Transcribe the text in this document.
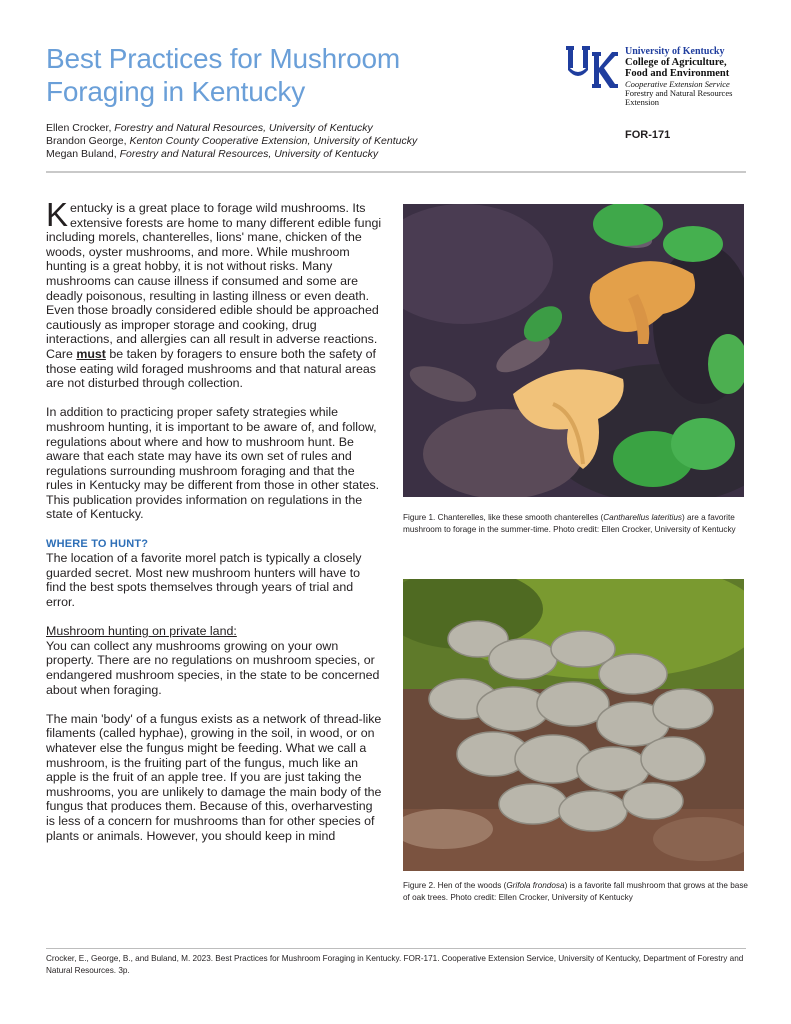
Best Practices for Mushroom
Foraging in Kentucky
University of Kentucky
College of Agriculture,
Food and Environment
Cooperative Extension Service
Forestry and Natural Resources
Extension
FOR-171
Ellen Crocker, Forestry and Natural Resources, University of Kentucky
Brandon George, Kenton County Cooperative Extension, University of Kentucky
Megan Buland, Forestry and Natural Resources, University of Kentucky

Kentucky is a great place to forage wild mushrooms. Its extensive forests are home to many different edible fungi including morels, chanterelles, lions' mane, chicken of the woods, oyster mushrooms, and more. While mushroom hunting is a great hobby, it is not without risks. Many mushrooms can cause illness if consumed and some are deadly poisonous, resulting in lasting illness or even death. Even those broadly considered edible should be approached cautiously as improper storage and cooking, drug interactions, and allergies can all result in adverse reactions. Care must be taken by foragers to ensure both the safety of those eating wild foraged mushrooms and that natural areas are not disturbed through collection.

In addition to practicing proper safety strategies while mushroom hunting, it is important to be aware of, and follow, regulations about where and how to mushroom hunt. Be aware that each state may have its own set of rules and regulations surrounding mushroom foraging and that the rules in Kentucky may be different from those in other states. This publication provides information on regulations in the state of Kentucky.

WHERE TO HUNT?

The location of a favorite morel patch is typically a closely guarded secret. Most new mushroom hunters will have to find the best spots themselves through years of trial and error.

Mushroom hunting on private land:

You can collect any mushrooms growing on your own property. There are no regulations on mushroom species, or endangered mushroom species, in the state to be concerned about when foraging.

The main 'body' of a fungus exists as a network of thread-like filaments (called hyphae), growing in the soil, in wood, or on whatever else the fungus might be feeding. What we call a mushroom, is the fruiting part of the fungus, much like an apple is the fruit of an apple tree. If you are just taking the mushrooms, you are unlikely to damage the main body of the fungus that produces them. Because of this, overharvesting is less of a concern for mushrooms than for other species of plants or animals. However, you should keep in mind

Figure 1. Chanterelles, like these smooth chanterelles (Cantharellus lateritius) are a favorite mushroom to forage in the summer-time. Photo credit: Ellen Crocker, University of Kentucky
Figure 2. Hen of the woods (Grifola frondosa) is a favorite fall mushroom that grows at the base of oak trees. Photo credit: Ellen Crocker, University of Kentucky
Crocker, E., George, B., and Buland, M. 2023. Best Practices for Mushroom Foraging in Kentucky. FOR-171. Cooperative Extension Service, University of Kentucky, Department of Forestry and Natural Resources. 3p.
